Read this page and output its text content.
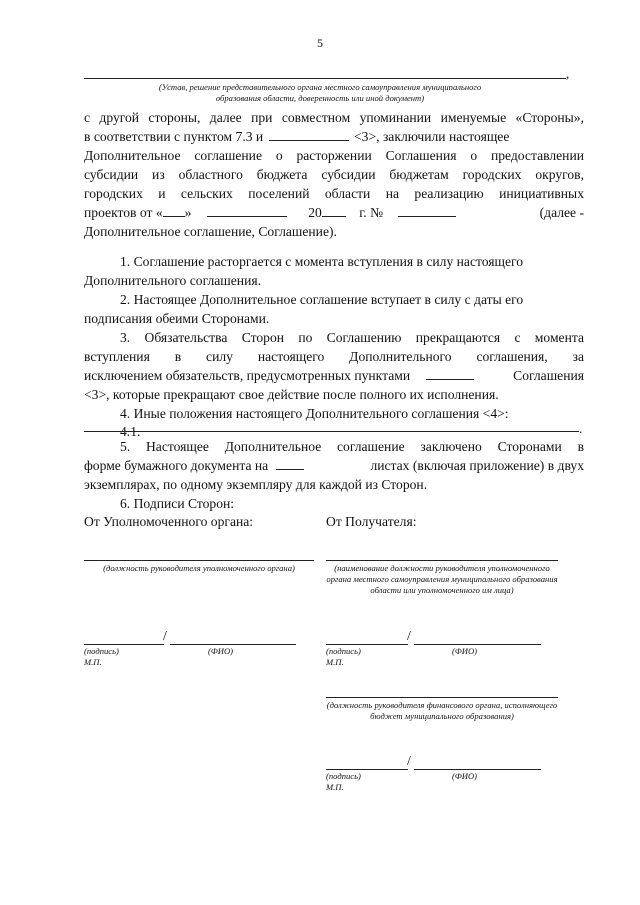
5
,
(Устав, решение представительного органа местного самоуправления муниципального образования области, доверенность или иной документ)
с другой стороны, далее при совместном упоминании именуемые «Стороны»,
в соответствии с пунктом 7.3 и	<3>, заключили настоящее
Дополнительное соглашение о расторжении Соглашения о предоставлении
субсидии из областного бюджета субсидии бюджетам городских округов,
городских и сельских поселений области на реализацию инициативных
проектов от « »	20	г. №	(далее -
Дополнительное соглашение, Соглашение).
1. Соглашение расторгается с момента вступления в силу настоящего
Дополнительного соглашения.
2. Настоящее Дополнительное соглашение вступает в силу с даты его
подписания обеими Сторонами.
3. Обязательства Сторон по Соглашению прекращаются с момента
вступления в силу настоящего Дополнительного соглашения, за
исключением обязательств, предусмотренных пунктами	Соглашения
<3>, которые прекращают свое действие после полного их исполнения.
4. Иные положения настоящего Дополнительного соглашения <4>:
4.1.	.
5. Настоящее Дополнительное соглашение заключено Сторонами в
форме бумажного документа на	листах (включая приложение) в двух
экземплярах, по одному экземпляру для каждой из Сторон.
6. Подписи Сторон:
От Уполномоченного органа:	От Получателя:
(должность руководителя уполномоченного органа)	(наименование должности руководителя уполномоченного органа местного самоуправления муниципального образования области или уполномоченного им лица)
/
(подпись)	(ФИО)
М.П.
/
(подпись)	(ФИО)
М.П.
(должность руководителя финансового органа, исполняющего бюджет муниципального образования)
/
(подпись)	(ФИО)
М.П.
